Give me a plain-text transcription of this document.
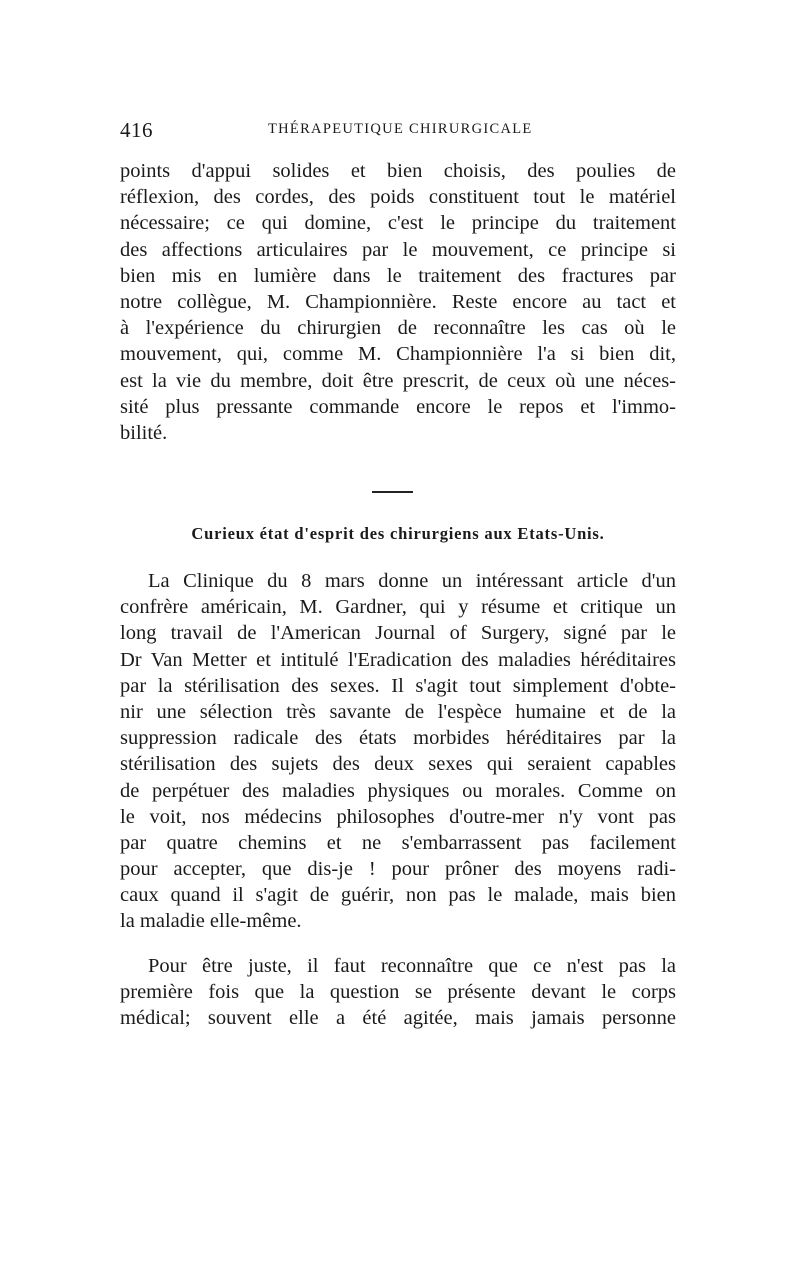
416	THÉRAPEUTIQUE CHIRURGICALE
points d'appui solides et bien choisis, des poulies de
réflexion, des cordes, des poids constituent tout le matériel
nécessaire; ce qui domine, c'est le principe du traitement
des affections articulaires par le mouvement, ce principe si
bien mis en lumière dans le traitement des fractures par
notre collègue, M. Championnière. Reste encore au tact et
à l'expérience du chirurgien de reconnaître les cas où le
mouvement, qui, comme M. Championnière l'a si bien dit,
est la vie du membre, doit être prescrit, de ceux où une néces-
sité plus pressante commande encore le repos et l'immo-
bilité.
Curieux état d'esprit des chirurgiens aux Etats-Unis.
La Clinique du 8 mars donne un intéressant article d'un
confrère américain, M. Gardner, qui y résume et critique un
long travail de l'American Journal of Surgery, signé par le
Dr Van Metter et intitulé l'Eradication des maladies héréditaires
par la stérilisation des sexes. Il s'agit tout simplement d'obte-
nir une sélection très savante de l'espèce humaine et de la
suppression radicale des états morbides héréditaires par la
stérilisation des sujets des deux sexes qui seraient capables
de perpétuer des maladies physiques ou morales. Comme on
le voit, nos médecins philosophes d'outre-mer n'y vont pas
par quatre chemins et ne s'embarrassent pas facilement
pour accepter, que dis-je ! pour prôner des moyens radi-
caux quand il s'agit de guérir, non pas le malade, mais bien
la maladie elle-même.
Pour être juste, il faut reconnaître que ce n'est pas la
première fois que la question se présente devant le corps
médical; souvent elle a été agitée, mais jamais personne
